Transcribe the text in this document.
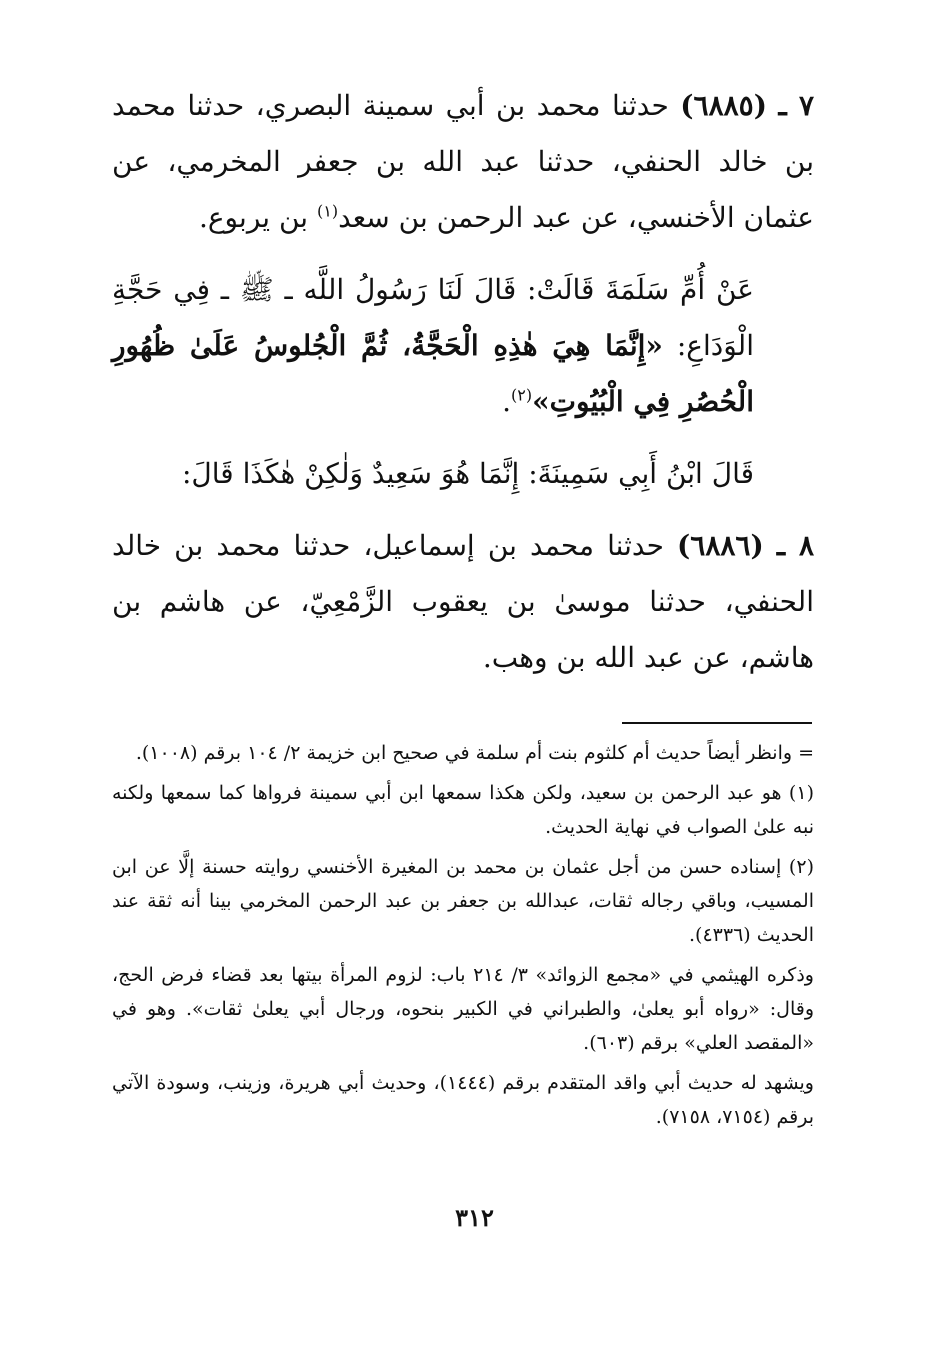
٧ ـ (٦٨٨٥) حدثنا محمد بن أبي سمينة البصري، حدثنا محمد بن خالد الحنفي، حدثنا عبد الله بن جعفر المخرمي، عن عثمان الأخنسي، عن عبد الرحمن بن سعد$^{(١)}$ بن يربوع.

عَنْ أُمِّ سَلَمَةَ قَالَتْ: قَالَ لَنَا رَسُولُ اللَّه ـ ﷺ ـ فِي حَجَّةِ الْوَدَاعِ: «إِنَّمَا هِيَ هٰذِهِ الْحَجَّةُ، ثُمَّ الْجُلوسُ عَلَىٰ ظُهُورِ الْحُصُرِ فِي الْبُيُوتِ»$^{(٢)}$.

قَالَ ابْنُ أَبِي سَمِينَةَ: إِنَّمَا هُوَ سَعِيدٌ وَلٰكِنْ هٰكَذَا قَالَ:

٨ ـ (٦٨٨٦) حدثنا محمد بن إسماعيل، حدثنا محمد بن خالد الحنفي، حدثنا موسىٰ بن يعقوب الزَّمْعِيّ، عن هاشم بن هاشم، عن عبد الله بن وهب.

= وانظر أيضاً حديث أم كلثوم بنت أم سلمة في صحيح ابن خزيمة ٢/ ١٠٤ برقم (١٠٠٨).

(١) هو عبد الرحمن بن سعيد، ولكن هكذا سمعها ابن أبي سمينة فرواها كما سمعها ولكنه نبه علىٰ الصواب في نهاية الحديث.

(٢) إسناده حسن من أجل عثمان بن محمد بن المغيرة الأخنسي روايته حسنة إلَّا عن ابن المسيب، وباقي رجاله ثقات، عبدالله بن جعفر بن عبد الرحمن المخرمي بينا أنه ثقة عند الحديث (٤٣٣٦).

وذكره الهيثمي في «مجمع الزوائد» ٣/ ٢١٤ باب: لزوم المرأة بيتها بعد قضاء فرض الحج، وقال: «رواه أبو يعلىٰ، والطبراني في الكبير بنحوه، ورجال أبي يعلىٰ ثقات». وهو في «المقصد العلي» برقم (٦٠٣).

ويشهد له حديث أبي واقد المتقدم برقم (١٤٤٤)، وحديث أبي هريرة، وزينب، وسودة الآتي برقم (٧١٥٤، ٧١٥٨).

٣١٢
